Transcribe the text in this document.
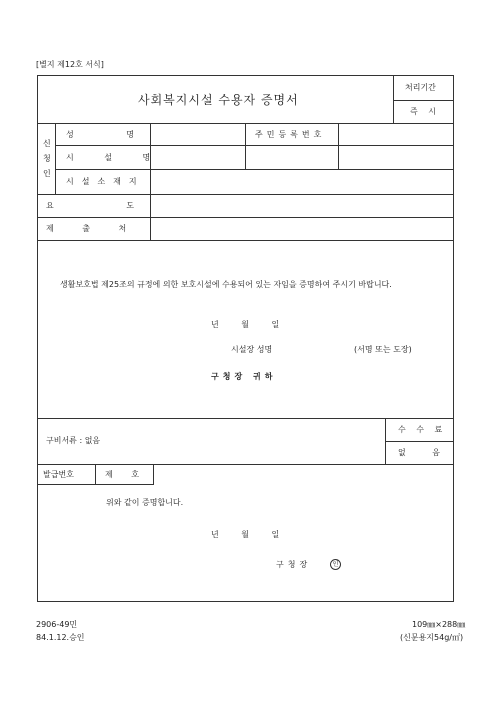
[별지 제12호 서식]
사회복지시설 수용자 증명서
처리기간
즉 시
신
청
인
성 명	주민등록번호
시 설 명
시설소재지
요 도
제 출 처
생활보호법 제25조의 규정에 의한 보호시설에 수용되어 있는 자임을 증명하여 주시기 바랍니다.
년 월 일
시설장 성명	(서명 또는 도장)
구청장 귀하
구비서류 : 없음
수 수 료
없 음
발급번호	제 호
위와 같이 증명합니다.
년 월 일
구청장	인
2906-49민
84.1.12.승인
109㎜×288㎜
(신문용지54g/㎡)
